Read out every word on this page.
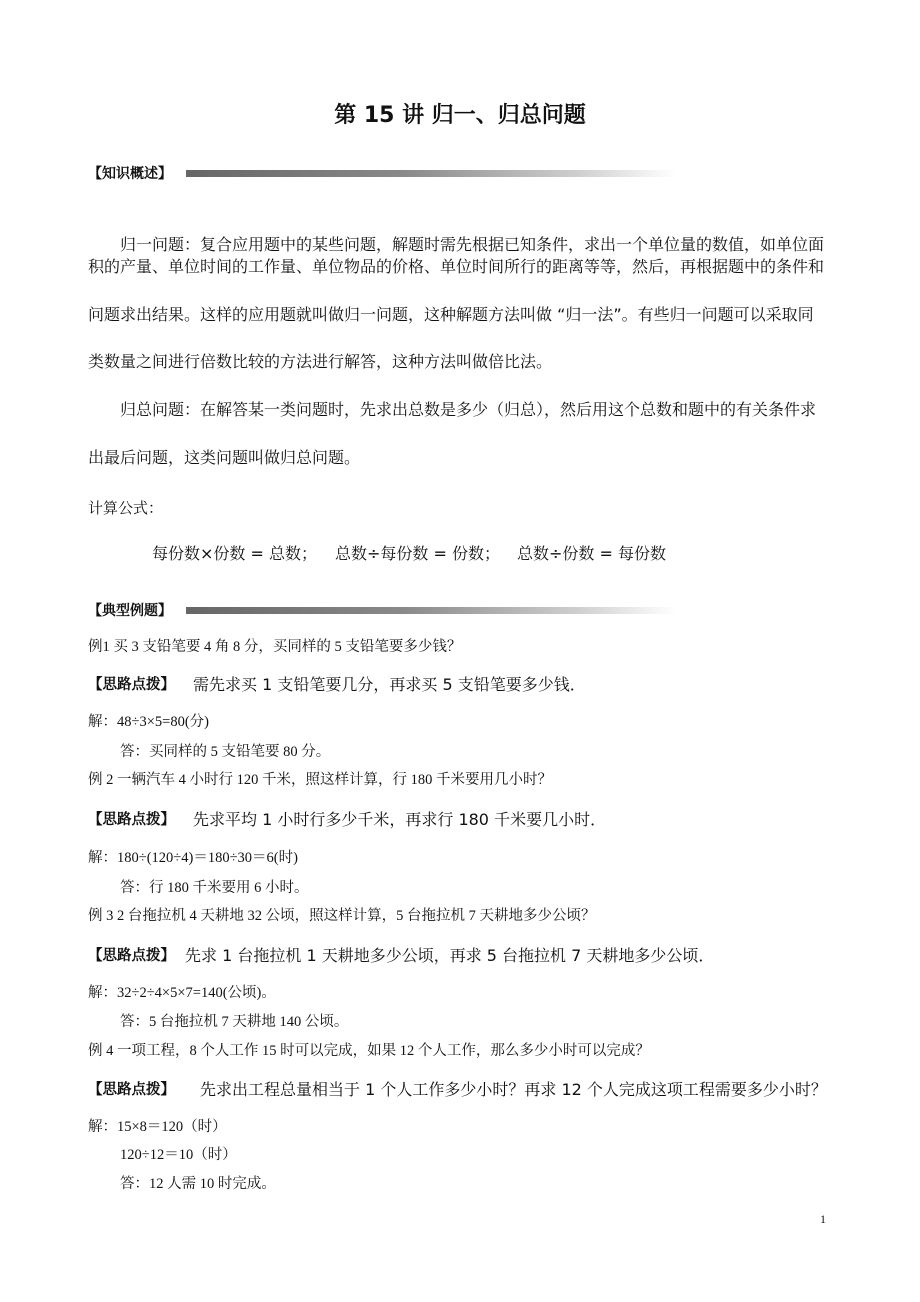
第 15 讲 归一、归总问题
【知识概述】
归一问题：复合应用题中的某些问题，解题时需先根据已知条件，求出一个单位量的数值，如单位面
积的产量、单位时间的工作量、单位物品的价格、单位时间所行的距离等等，然后，再根据题中的条件和
问题求出结果。这样的应用题就叫做归一问题，这种解题方法叫做 “归一法”。有些归一问题可以采取同
类数量之间进行倍数比较的方法进行解答，这种方法叫做倍比法。
归总问题：在解答某一类问题时，先求出总数是多少（归总），然后用这个总数和题中的有关条件求
出最后问题，这类问题叫做归总问题。
计算公式：
每份数×份数 = 总数； 总数÷每份数 = 份数； 总数÷份数 = 每份数
【典型例题】
例1 买 3 支铅笔要 4 角 8 分，买同样的 5 支铅笔要多少钱？
【思路点拨】 需先求买 1 支铅笔要几分，再求买 5 支铅笔要多少钱．
解：48÷3×5=80(分)
答：买同样的 5 支铅笔要 80 分。
例 2 一辆汽车 4 小时行 120 千米，照这样计算，行 180 千米要用几小时？
【思路点拨】 先求平均 1 小时行多少千米，再求行 180 千米要几小时．
解：180÷(120÷4)＝180÷30＝6(时)
答：行 180 千米要用 6 小时。
例 3 2 台拖拉机 4 天耕地 32 公顷，照这样计算，5 台拖拉机 7 天耕地多少公顷？
【思路点拨】 先求 1 台拖拉机 1 天耕地多少公顷，再求 5 台拖拉机 7 天耕地多少公顷．
解：32÷2÷4×5×7=140(公顷)。
答：5 台拖拉机 7 天耕地 140 公顷。
例 4 一项工程，8 个人工作 15 时可以完成，如果 12 个人工作，那么多少小时可以完成？
【思路点拨】 先求出工程总量相当于 1 个人工作多少小时？再求 12 个人完成这项工程需要多少小时？
解：15×8＝120（时）
120÷12＝10（时）
答：12 人需 10 时完成。
1
